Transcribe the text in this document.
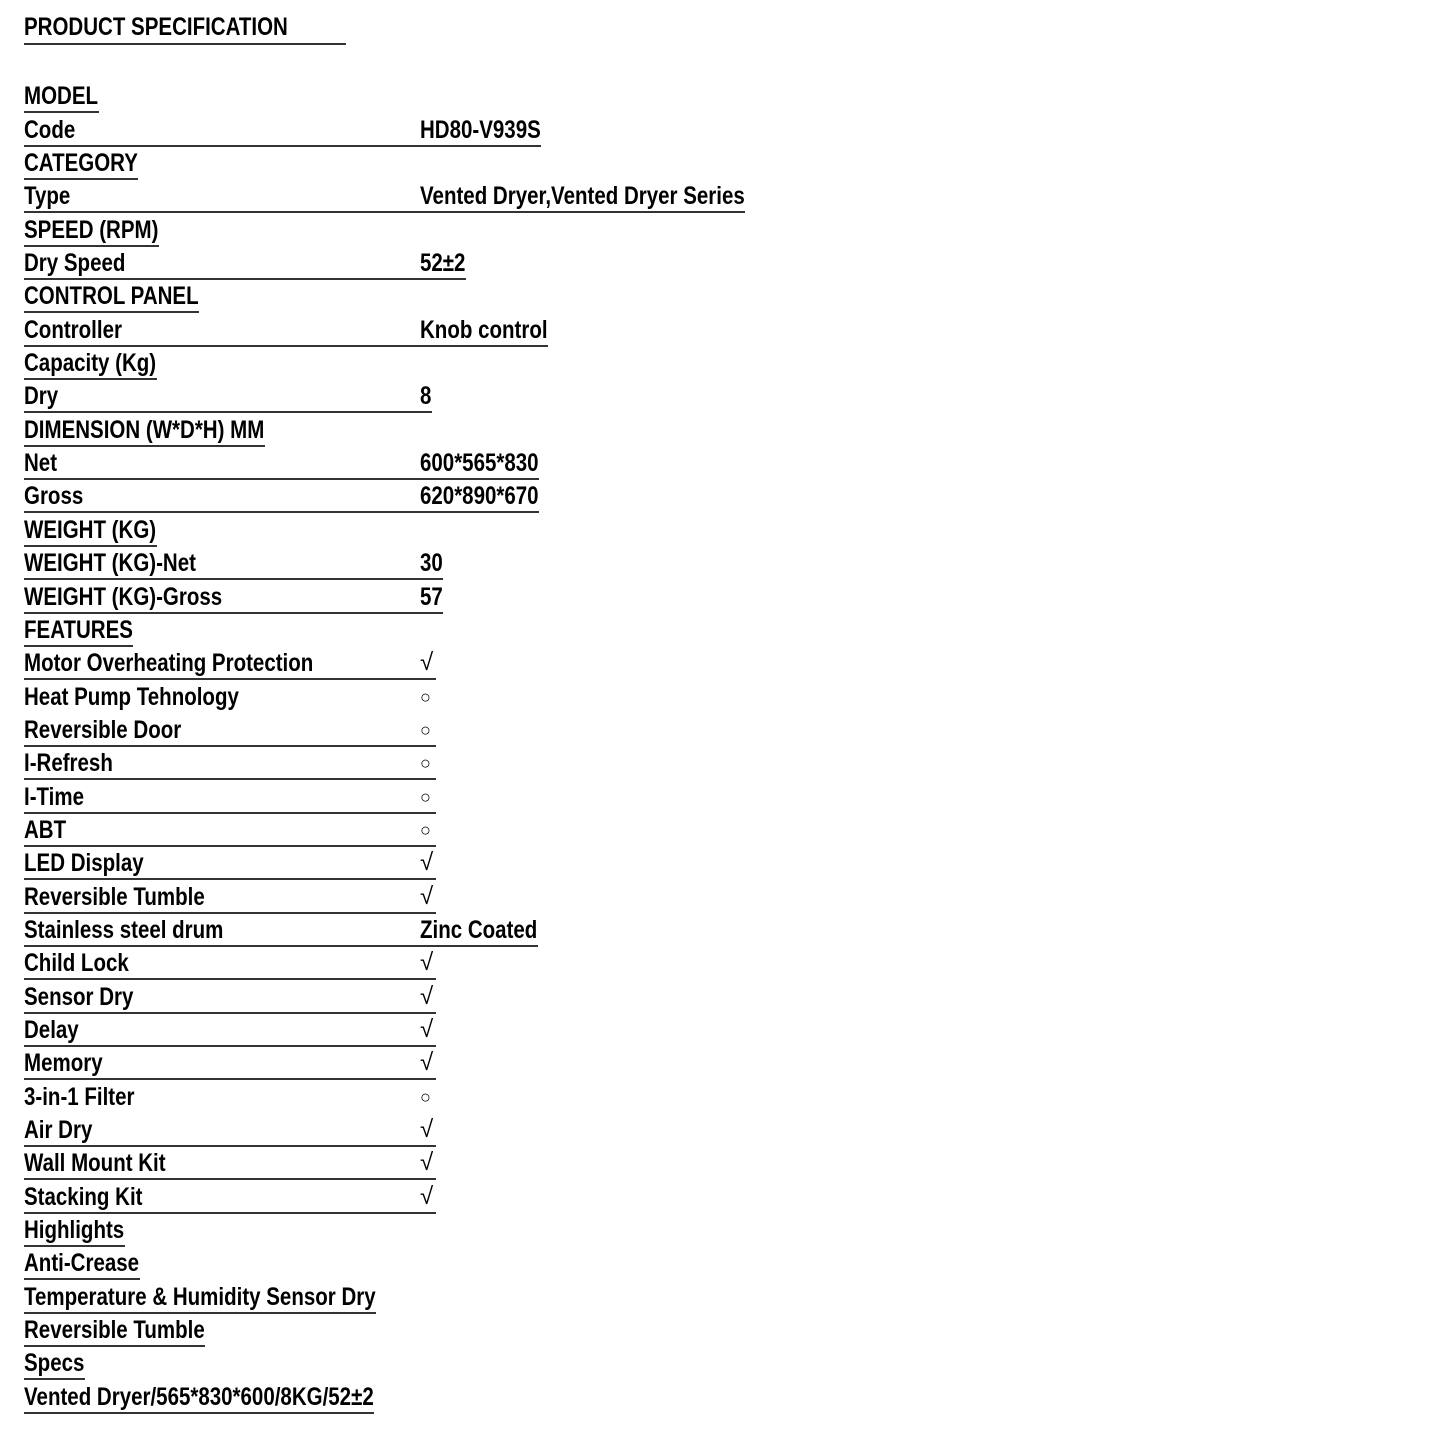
PRODUCT SPECIFICATION
MODEL
Code	HD80-V939S
CATEGORY
Type	Vented Dryer,Vented Dryer Series
SPEED (RPM)
Dry Speed	52±2
CONTROL PANEL
Controller	Knob control
Capacity (Kg)
Dry	8
DIMENSION (W*D*H) MM
Net	600*565*830
Gross	620*890*670
WEIGHT (KG)
WEIGHT (KG)-Net	30
WEIGHT (KG)-Gross	57
FEATURES
Motor Overheating Protection	√
Heat Pump Tehnology	○
Reversible Door	○
I-Refresh	○
I-Time	○
ABT	○
LED Display	√
Reversible Tumble	√
Stainless steel drum	Zinc Coated
Child Lock	√
Sensor Dry	√
Delay	√
Memory	√
3-in-1 Filter	○
Air Dry	√
Wall Mount Kit	√
Stacking Kit	√
Highlights
Anti-Crease
Temperature & Humidity Sensor Dry
Reversible Tumble
Specs
Vented Dryer/565*830*600/8KG/52±2
